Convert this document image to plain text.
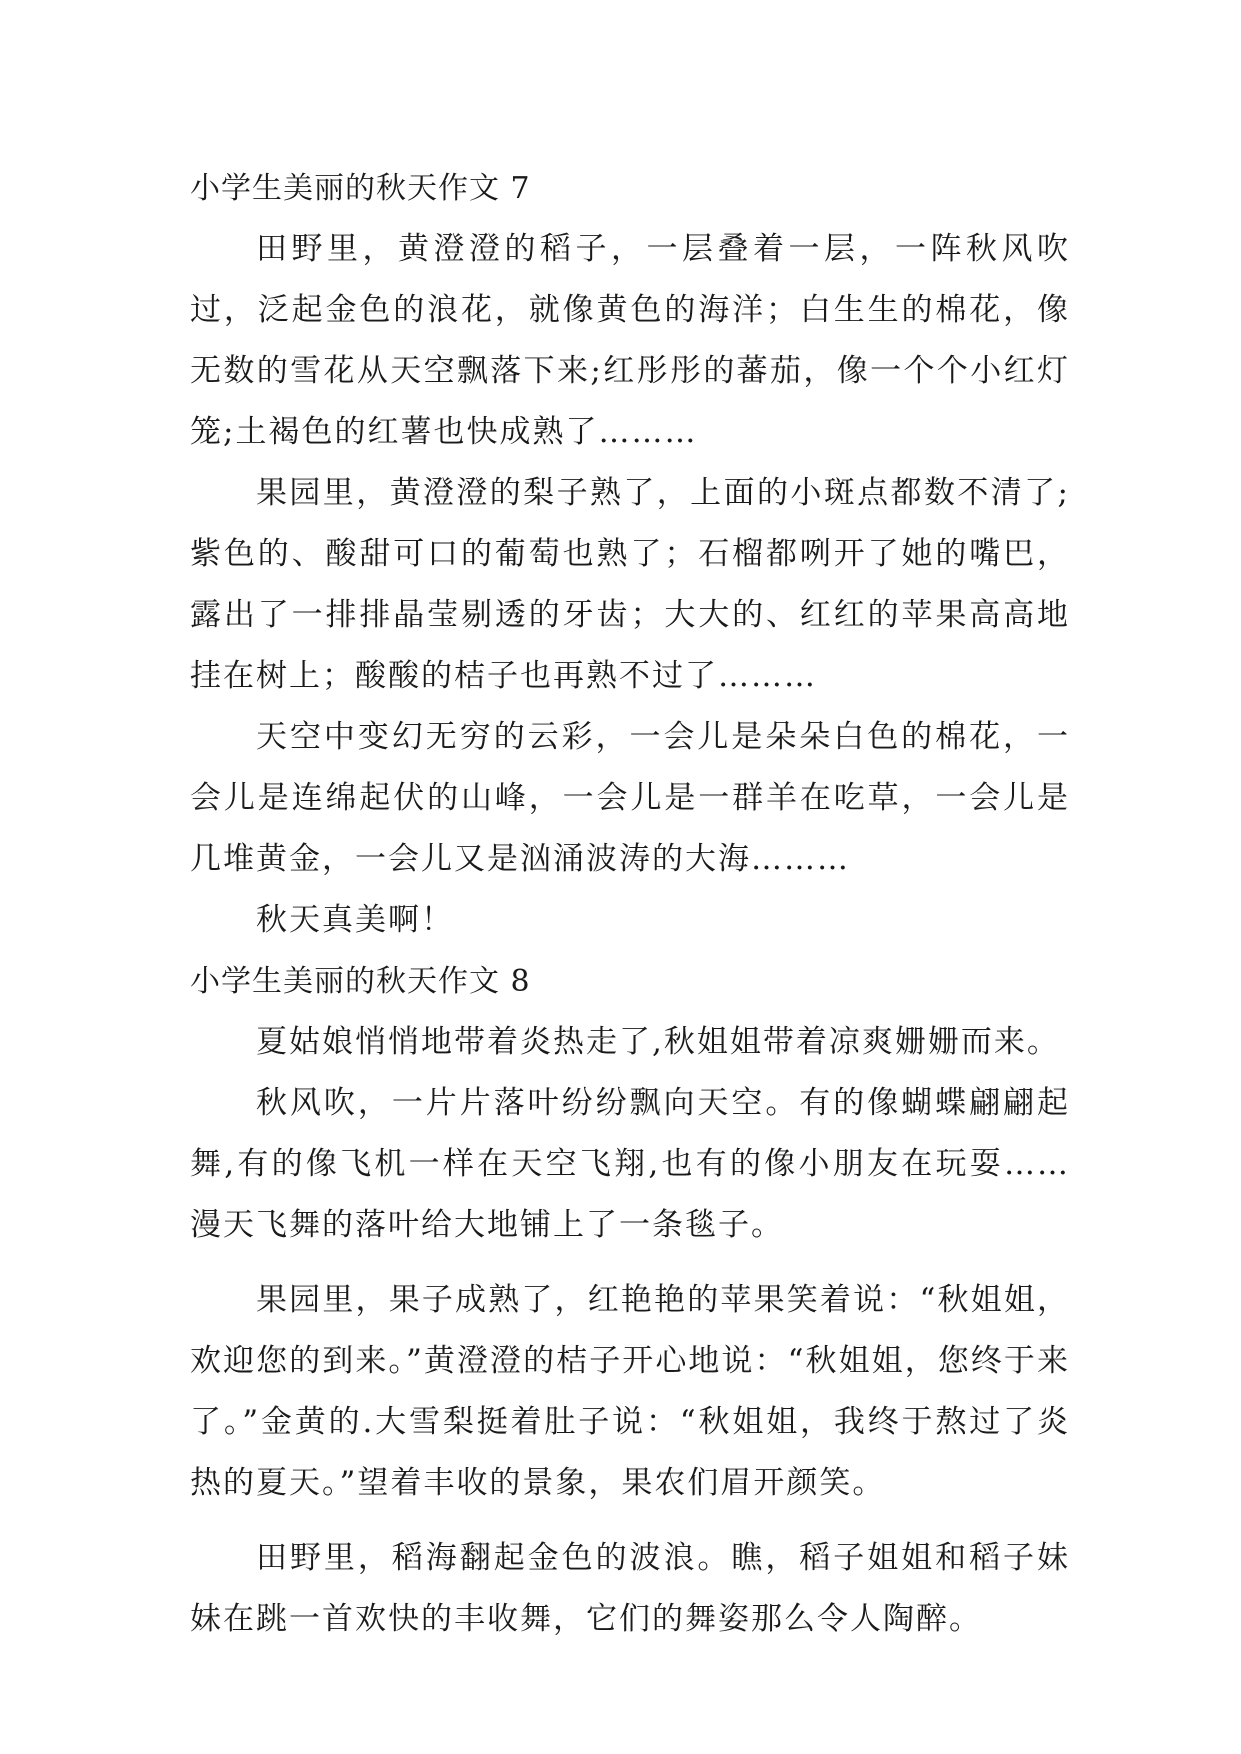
小学生美丽的秋天作文 7

田野里，黄澄澄的稻子，一层叠着一层，一阵秋风吹过，泛起金色的浪花，就像黄色的海洋；白生生的棉花，像无数的雪花从天空飘落下来;红彤彤的蕃茄，像一个个小红灯笼;土褐色的红薯也快成熟了………

果园里，黄澄澄的梨子熟了，上面的小斑点都数不清了;紫色的、酸甜可口的葡萄也熟了；石榴都咧开了她的嘴巴，露出了一排排晶莹剔透的牙齿；大大的、红红的苹果高高地挂在树上；酸酸的桔子也再熟不过了………

天空中变幻无穷的云彩，一会儿是朵朵白色的棉花，一会儿是连绵起伏的山峰，一会儿是一群羊在吃草，一会儿是几堆黄金，一会儿又是汹涌波涛的大海………

秋天真美啊！

小学生美丽的秋天作文 8

夏姑娘悄悄地带着炎热走了,秋姐姐带着凉爽姗姗而来。

秋风吹，一片片落叶纷纷飘向天空。有的像蝴蝶翩翩起舞,有的像飞机一样在天空飞翔,也有的像小朋友在玩耍……漫天飞舞的落叶给大地铺上了一条毯子。

果园里，果子成熟了，红艳艳的苹果笑着说：“秋姐姐，欢迎您的到来。”黄澄澄的桔子开心地说：“秋姐姐，您终于来了。”金黄的.大雪梨挺着肚子说：“秋姐姐，我终于熬过了炎热的夏天。”望着丰收的景象，果农们眉开颜笑。

田野里，稻海翻起金色的波浪。瞧，稻子姐姐和稻子妹妹在跳一首欢快的丰收舞，它们的舞姿那么令人陶醉。
